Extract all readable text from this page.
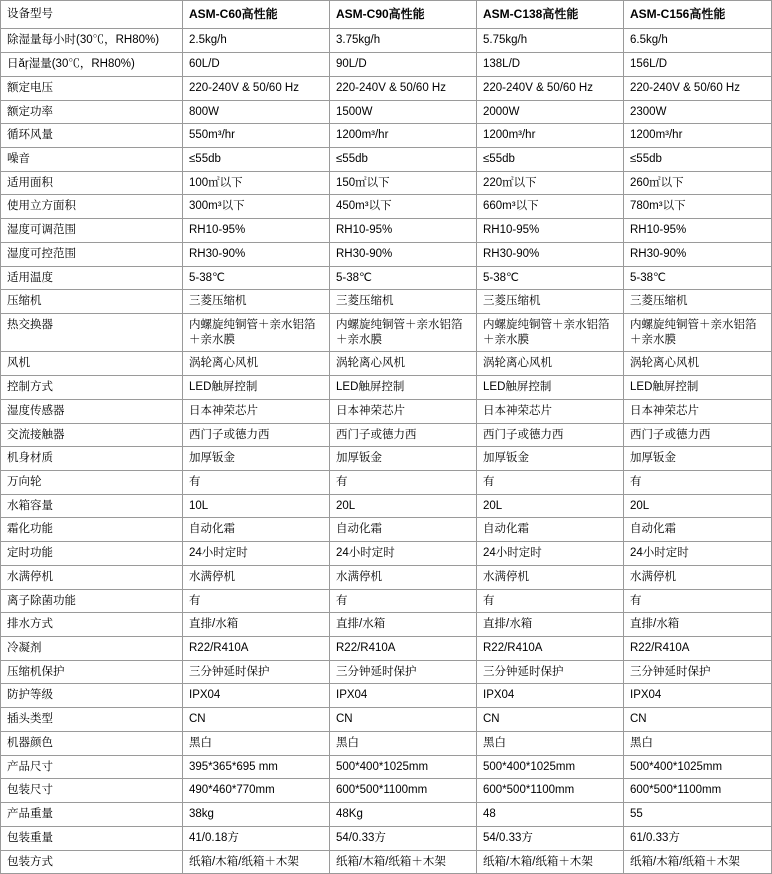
设备型号	ASM-C60高性能	ASM-C90高性能	ASM-C138高性能	ASM-C156高性能
除湿量每小时(30℃，RH80%)	2.5kg/h	3.75kg/h	5.75kg/h	6.5kg/h
日ăŗ湿量(30℃，RH80%)	60L/D	90L/D	138L/D	156L/D
额定电压	220-240V & 50/60 Hz	220-240V & 50/60 Hz	220-240V & 50/60 Hz	220-240V & 50/60 Hz
额定功率	800W	1500W	2000W	2300W
循环风量	550m³/hr	1200m³/hr	1200m³/hr	1200m³/hr
噪音	≤55db	≤55db	≤55db	≤55db
适用面积	100㎡以下	150㎡以下	220㎡以下	260㎡以下
使用立方面积	300m³以下	450m³以下	660m³以下	780m³以下
湿度可调范围	RH10-95%	RH10-95%	RH10-95%	RH10-95%
湿度可控范围	RH30-90%	RH30-90%	RH30-90%	RH30-90%
适用温度	5-38℃	5-38℃	5-38℃	5-38℃
压缩机	三菱压缩机	三菱压缩机	三菱压缩机	三菱压缩机
热交换器	内螺旋纯铜管＋亲水铝箔＋亲水膜	内螺旋纯铜管＋亲水铝箔＋亲水膜	内螺旋纯铜管＋亲水铝箔＋亲水膜	内螺旋纯铜管＋亲水铝箔＋亲水膜
风机	涡轮离心风机	涡轮离心风机	涡轮离心风机	涡轮离心风机
控制方式	LED触屏控制	LED触屏控制	LED触屏控制	LED触屏控制
湿度传感器	日本神荣芯片	日本神荣芯片	日本神荣芯片	日本神荣芯片
交流接触器	西门子或德力西	西门子或德力西	西门子或德力西	西门子或德力西
机身材质	加厚钣金	加厚钣金	加厚钣金	加厚钣金
万向轮	有	有	有	有
水箱容量	10L	20L	20L	20L
霜化功能	自动化霜	自动化霜	自动化霜	自动化霜
定时功能	24小时定时	24小时定时	24小时定时	24小时定时
水满停机	水满停机	水满停机	水满停机	水满停机
离子除菌功能	有	有	有	有
排水方式	直排/水箱	直排/水箱	直排/水箱	直排/水箱
冷凝剂	R22/R410A	R22/R410A	R22/R410A	R22/R410A
压缩机保护	三分钟延时保护	三分钟延时保护	三分钟延时保护	三分钟延时保护
防护等级	IPX04	IPX04	IPX04	IPX04
插头类型	CN	CN	CN	CN
机器颜色	黑白	黑白	黑白	黑白
产品尺寸	395*365*695 mm	500*400*1025mm	500*400*1025mm	500*400*1025mm
包装尺寸	490*460*770mm	600*500*1100mm	600*500*1100mm	600*500*1100mm
产品重量	38kg	48Kg	48	55
包装重量	41/0.18方	54/0.33方	54/0.33方	61/0.33方
包装方式	纸箱/木箱/纸箱＋木架	纸箱/木箱/纸箱＋木架	纸箱/木箱/纸箱＋木架	纸箱/木箱/纸箱＋木架
